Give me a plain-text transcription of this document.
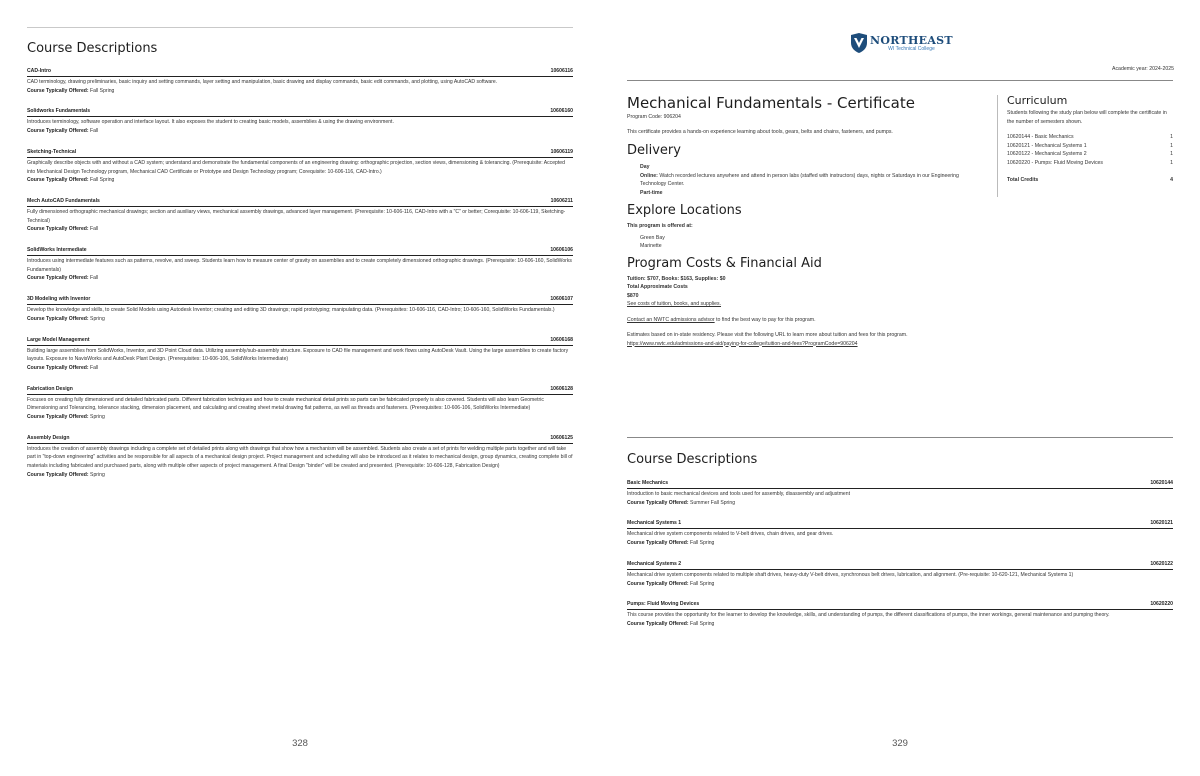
Course Descriptions
CAD-Intro	10606116
CAD terminology, drawing preliminaries, basic inquiry and setting commands, layer setting and manipulation, basic drawing and display commands, basic edit commands, and plotting, using AutoCAD software.
Course Typically Offered: Fall Spring
Solidworks Fundamentals	10606160
Introduces terminology, software operation and interface layout. It also exposes the student to creating basic models, assemblies & using the drawing environment.
Course Typically Offered: Fall
Sketching-Technical	10606119
Graphically describe objects with and without a CAD system; understand and demonstrate the fundamental components of an engineering drawing: orthographic projection, section views, dimensioning & tolerancing. (Prerequisite: Accepted into Mechanical Design Technology program, Mechanical CAD Certificate or Prototype and Design Technology program; Corequisite: 10-606-116, CAD-Intro.)
Course Typically Offered: Fall Spring
Mech AutoCAD Fundamentals	10606211
Fully dimensioned orthographic mechanical drawings; section and auxiliary views, mechanical assembly drawings, advanced layer management. (Prerequisite: 10-606-116, CAD-Intro with a "C" or better; Corequisite: 10-606-119, Sketching-Technical)
Course Typically Offered: Fall
SolidWorks Intermediate	10606106
Introduces using intermediate features such as patterns, revolve, and sweep. Students learn how to measure center of gravity on assemblies and to create completely dimensioned orthographic drawings. (Prerequisite: 10-606-160, SolidWorks Fundamentals)
Course Typically Offered: Fall
3D Modeling with Inventor	10606107
Develop the knowledge and skills, to create Solid Models using Autodesk Inventor; creating and editing 3D drawings; rapid prototyping; manipulating data. (Prerequisites: 10-606-116, CAD-Intro; 10-606-160, SolidWorks Fundamentals.)
Course Typically Offered: Spring
Large Model Management	10606168
Building large assemblies from SolidWorks, Inventor, and 3D Point Cloud data. Utilizing assembly/sub-assembly structure. Exposure to CAD file management and work flows using AutoDesk Vault. Using the large assemblies to create factory layouts. Exposure to NavisWorks and AutoDesk Plant Design. (Prerequisites: 10-606-106, SolidWorks Intermediate)
Course Typically Offered: Fall
Fabrication Design	10606128
Focuses on creating fully dimensioned and detailed fabricated parts. Different fabrication techniques and how to create mechanical detail prints so parts can be fabricated properly is also covered. Students will also learn Geometric Dimensioning and Tolerancing, tolerance stacking, dimension placement, and calculating and creating sheet metal drawing flat patterns, as well as threads and fasteners. (Prerequisites: 10-606-106, SolidWorks Intermediate)
Course Typically Offered: Spring
Assembly Design	10606125
Introduces the creation of assembly drawings including a complete set of detailed prints along with drawings that show how a mechanism will be assembled. Students also create a set of prints for welding multiple parts together and will take part in "top-down engineering" activities and be responsible for all aspects of a mechanical design project. Project management and scheduling will also be introduced as it relates to mechanical design, group dynamics, creating complete bill of materials including fabricated and purchased parts, along with multiple other aspects of project management. A final Design "binder" will be created and presented. (Prerequisite: 10-606-128, Fabrication Design)
Course Typically Offered: Spring
328
NORTHEAST
WI Technical College
Academic year: 2024-2025
Mechanical Fundamentals - Certificate
Program Code: 906204
This certificate provides a hands-on experience learning about tools, gears, belts and chains, fasteners, and pumps.
Delivery
Day
Online: Watch recorded lectures anywhere and attend in person labs (staffed with instructors) days, nights or Saturdays in our Engineering Technology Center.
Part-time
Explore Locations
This program is offered at:
Green Bay
Marinette
Program Costs & Financial Aid
Tuition: $707, Books: $163, Supplies: $0
Total Approximate Costs
$870
See costs of tuition, books, and supplies.
Contact an NWTC admissions advisor to find the best way to pay for this program.
Estimates based on in-state residency. Please visit the following URL to learn more about tuition and fees for this program.
https://www.nwtc.edu/admissions-and-aid/paying-for-college/tuition-and-fees?ProgramCode=906204
Curriculum
Students following the study plan below will complete the certificate in the number of semesters shown.
10620144 - Basic Mechanics	1
10620121 - Mechanical Systems 1	1
10620122 - Mechanical Systems 2	1
10620220 - Pumps: Fluid Moving Devices	1
Total Credits	4
Course Descriptions
Basic Mechanics	10620144
Introduction to basic mechanical devices and tools used for assembly, disassembly and adjustment
Course Typically Offered: Summer Fall Spring
Mechanical Systems 1	10620121
Mechanical drive system components related to V-belt drives, chain drives, and gear drives.
Course Typically Offered: Fall Spring
Mechanical Systems 2	10620122
Mechanical drive system components related to multiple shaft drives, heavy-duty V-belt drives, synchronous belt drives, lubrication, and alignment. (Pre-requisite: 10-620-121, Mechanical Systems 1)
Course Typically Offered: Fall Spring
Pumps: Fluid Moving Devices	10620220
This course provides the opportunity for the learner to develop the knowledge, skills, and understanding of pumps, the different classifications of pumps, the inner workings, general maintenance and pumping theory.
Course Typically Offered: Fall Spring
329
